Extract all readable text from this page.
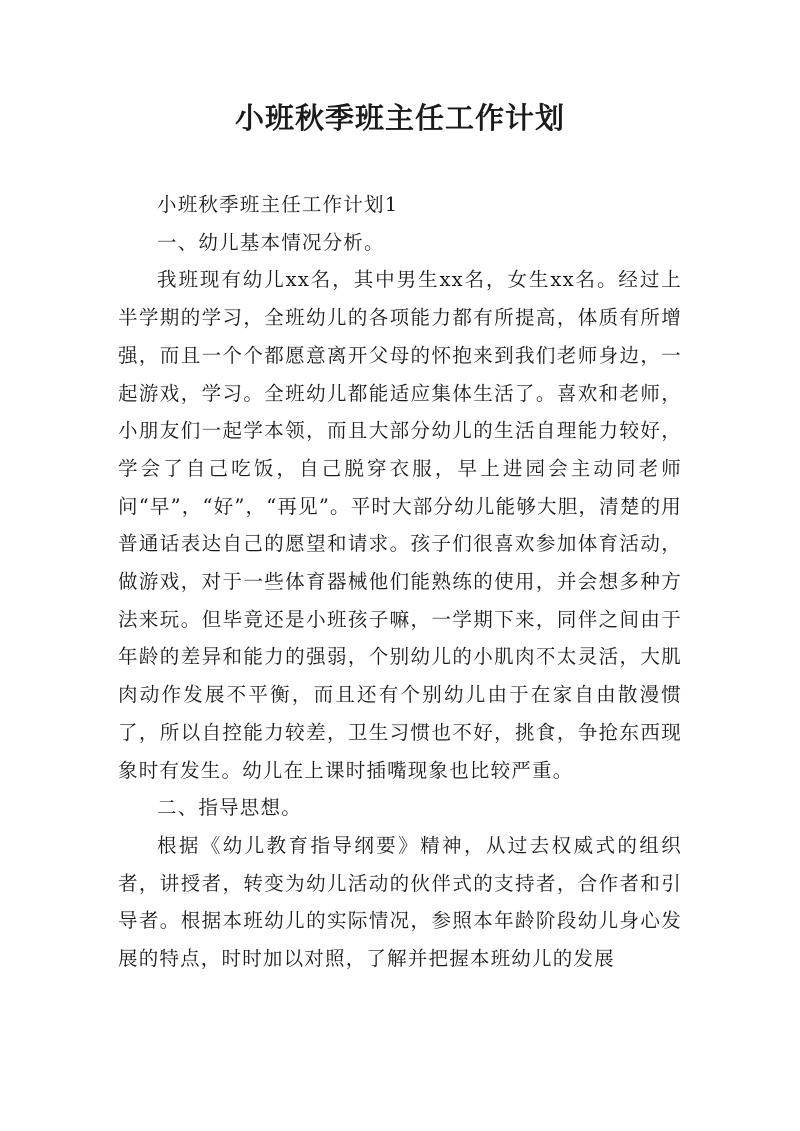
小班秋季班主任工作计划

小班秋季班主任工作计划1

一、幼儿基本情况分析。

我班现有幼儿xx名，其中男生xx名，女生xx名。经过上半学期的学习，全班幼儿的各项能力都有所提高，体质有所增强，而且一个个都愿意离开父母的怀抱来到我们老师身边，一起游戏，学习。全班幼儿都能适应集体生活了。喜欢和老师，小朋友们一起学本领，而且大部分幼儿的生活自理能力较好，学会了自己吃饭，自己脱穿衣服，早上进园会主动同老师问“早”，“好”，“再见”。平时大部分幼儿能够大胆，清楚的用普通话表达自己的愿望和请求。孩子们很喜欢参加体育活动，做游戏，对于一些体育器械他们能熟练的使用，并会想多种方法来玩。但毕竟还是小班孩子嘛，一学期下来，同伴之间由于年龄的差异和能力的强弱，个别幼儿的小肌肉不太灵活，大肌肉动作发展不平衡，而且还有个别幼儿由于在家自由散漫惯了，所以自控能力较差，卫生习惯也不好，挑食，争抢东西现象时有发生。幼儿在上课时插嘴现象也比较严重。

二、指导思想。

根据《幼儿教育指导纲要》精神，从过去权威式的组织者，讲授者，转变为幼儿活动的伙伴式的支持者，合作者和引导者。根据本班幼儿的实际情况，参照本年龄阶段幼儿身心发展的特点，时时加以对照，了解并把握本班幼儿的发展
